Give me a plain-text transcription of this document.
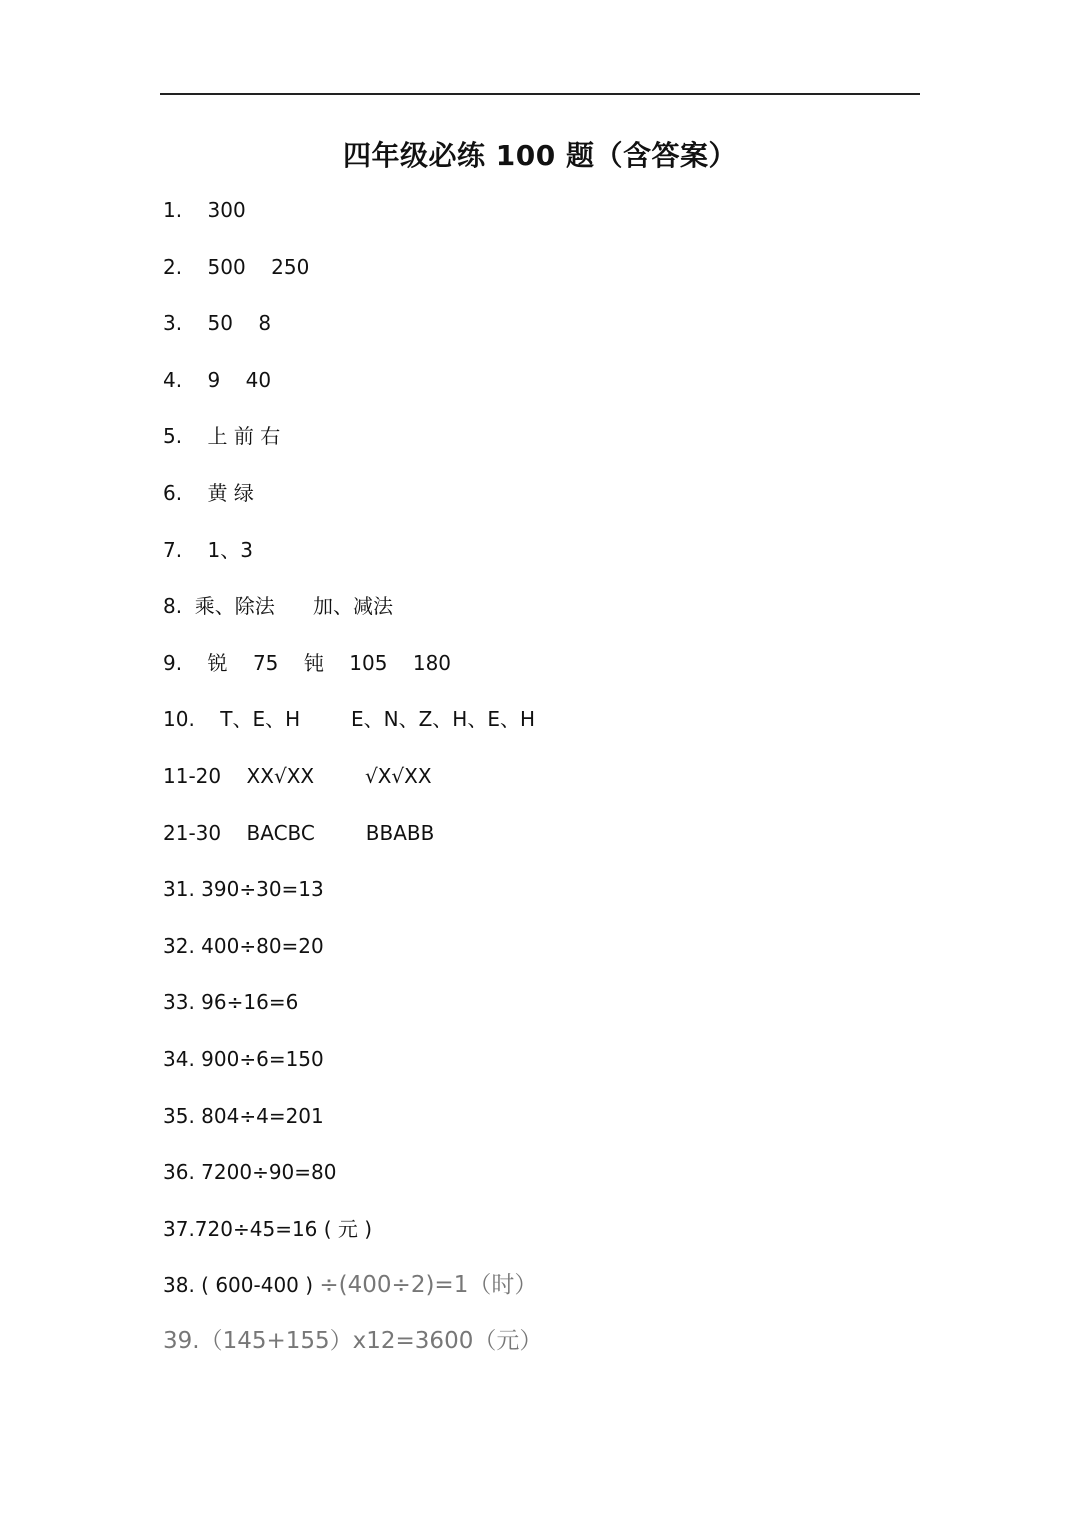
四年级必练 100 题（含答案）
1.    300
2.    500    250
3.    50    8
4.    9    40
5.    上 前 右
6.    黄 绿
7.    1、3
8.  乘、除法      加、减法
9.    锐    75    钝    105    180
10.    T、E、H        E、N、Z、H、E、H
11-20    XX√XX        √X√XX
21-30    BACBC        BBABB
31. 390÷30=13
32. 400÷80=20
33. 96÷16=6
34. 900÷6=150
35. 804÷4=201
36. 7200÷90=80
37.720÷45=16 ( 元 )
38. ( 600-400 ) ÷(400÷2)=1（时）
39.（145+155）x12=3600（元）
